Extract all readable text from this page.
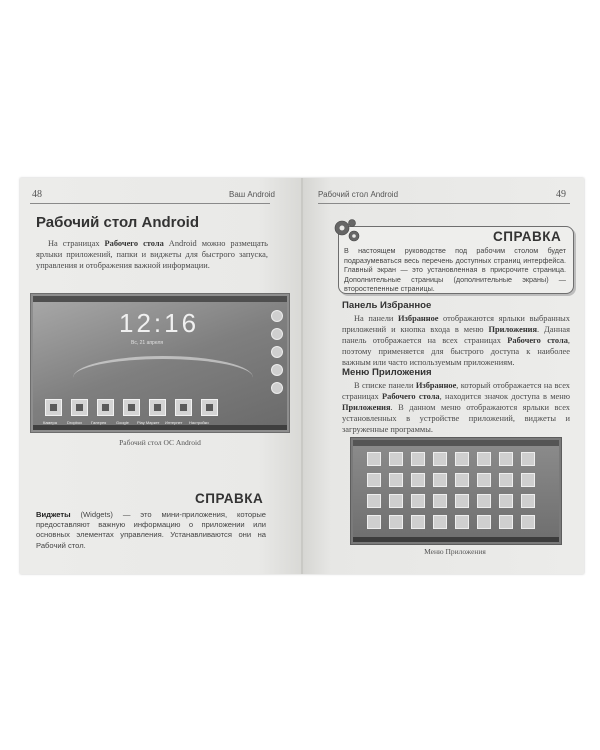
48	Ваш Android
Рабочий стол Android
На страницах Рабочего стола Android можно размещать ярлыки приложений, папки и виджеты для быстрого запуска, управления и отображения важной информации.
12:16
Вс, 21 апреля
Камера	Dropbox Галерея Google Play Маркет Интернет Настройки
Рабочий стол ОС Android
СПРАВКА
Виджеты (Widgets) — это мини-приложения, которые предоставляют важную информацию о приложении или основных элементах управления. Устанавливаются они на Рабочий стол.
Рабочий стол Android	49
СПРАВКА
В настоящем руководстве под рабочим столом будет подразумеваться весь перечень доступных страниц интерфейса. Главный экран — это установленная в присрочите страница. Дополнительные страницы (дополнительные экраны) — второстепенные страницы.
Панель Избранное
На панели Избранное отображаются ярлыки выбранных приложений и кнопка входа в меню Приложения. Данная панель отображается на всех страницах Рабочего стола, поэтому применяется для быстрого доступа к наиболее важным или часто используемым приложениям.
Меню Приложения
В списке панели Избранное, который отображается на всех страницах Рабочего стола, находится значок доступа в меню Приложения. В данном меню отображаются ярлыки всех установленных в устройстве приложений, виджеты и загруженные программы.
Меню Приложения
